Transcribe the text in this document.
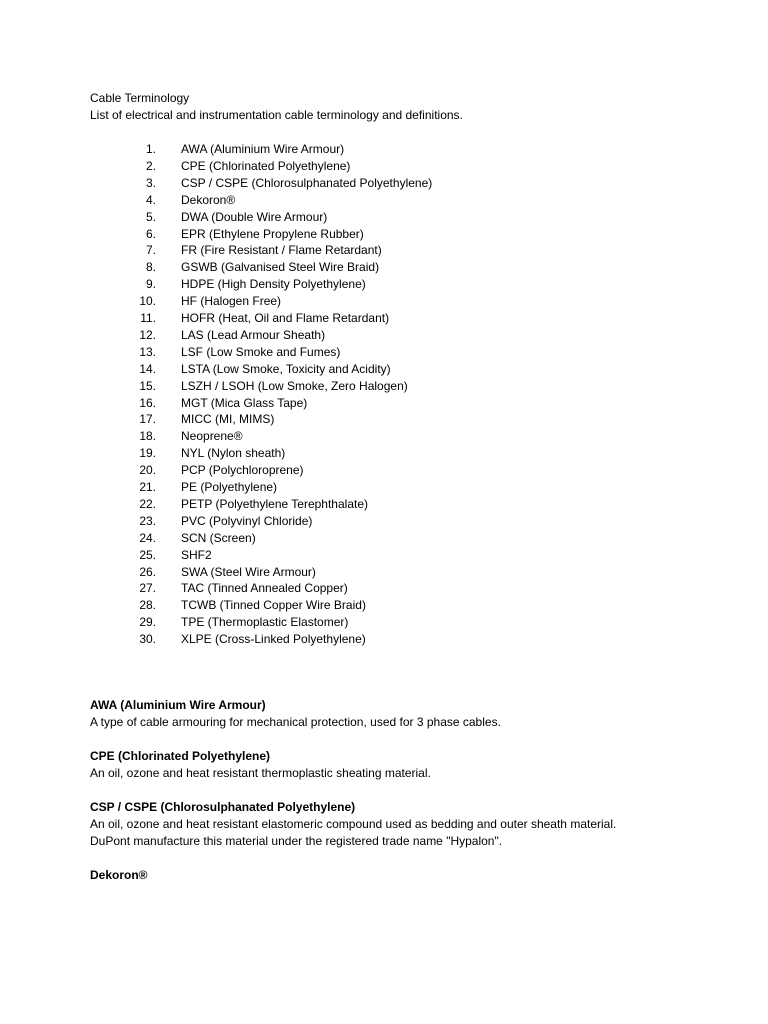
Cable Terminology
List of electrical and instrumentation cable terminology and definitions.
1. AWA (Aluminium Wire Armour)
2. CPE (Chlorinated Polyethylene)
3. CSP / CSPE (Chlorosulphanated Polyethylene)
4. Dekoron®
5. DWA (Double Wire Armour)
6. EPR (Ethylene Propylene Rubber)
7. FR (Fire Resistant / Flame Retardant)
8. GSWB (Galvanised Steel Wire Braid)
9. HDPE (High Density Polyethylene)
10. HF (Halogen Free)
11. HOFR (Heat, Oil and Flame Retardant)
12. LAS (Lead Armour Sheath)
13. LSF (Low Smoke and Fumes)
14. LSTA (Low Smoke, Toxicity and Acidity)
15. LSZH / LSOH (Low Smoke, Zero Halogen)
16. MGT (Mica Glass Tape)
17. MICC (MI, MIMS)
18. Neoprene®
19. NYL (Nylon sheath)
20. PCP (Polychloroprene)
21. PE (Polyethylene)
22. PETP (Polyethylene Terephthalate)
23. PVC (Polyvinyl Chloride)
24. SCN (Screen)
25. SHF2
26. SWA (Steel Wire Armour)
27. TAC (Tinned Annealed Copper)
28. TCWB (Tinned Copper Wire Braid)
29. TPE (Thermoplastic Elastomer)
30. XLPE (Cross-Linked Polyethylene)
AWA (Aluminium Wire Armour)
A type of cable armouring for mechanical protection, used for 3 phase cables.
CPE (Chlorinated Polyethylene)
An oil, ozone and heat resistant thermoplastic sheating material.
CSP / CSPE (Chlorosulphanated Polyethylene)
An oil, ozone and heat resistant elastomeric compound used as bedding and outer sheath material.
DuPont manufacture this material under the registered trade name "Hypalon".
Dekoron®
